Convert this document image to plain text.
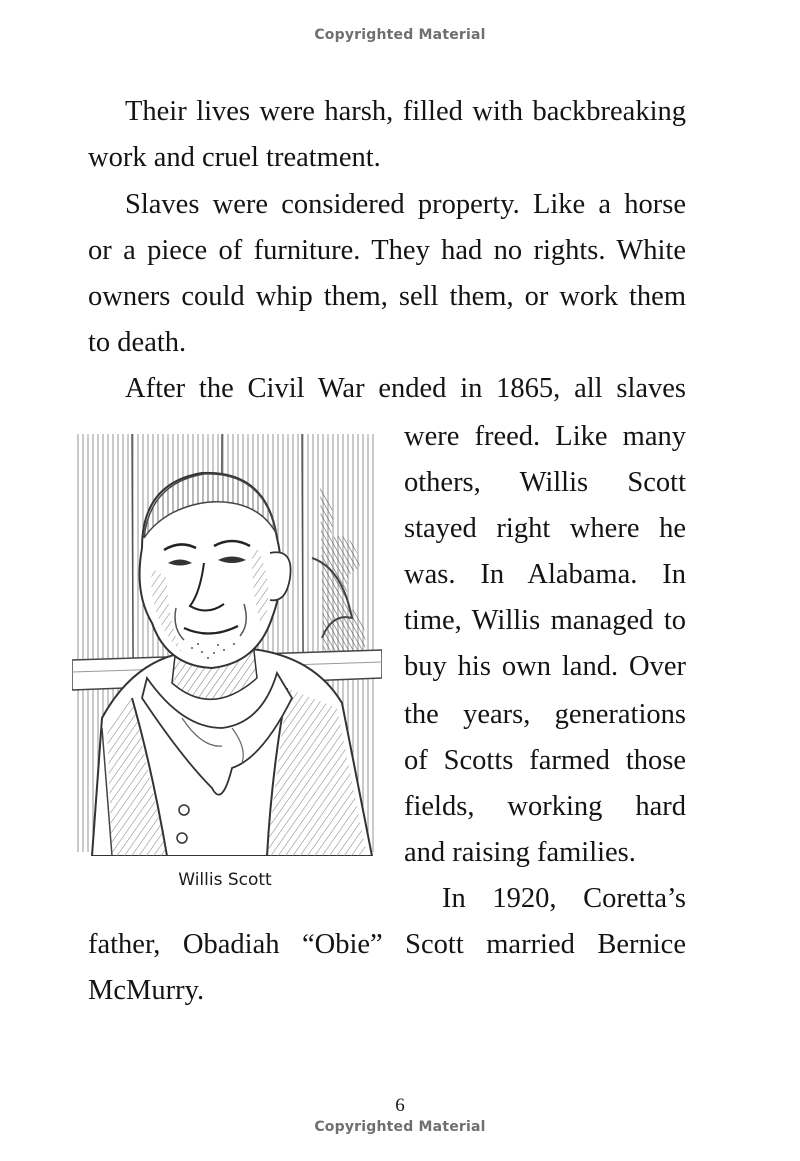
Copyrighted Material
Their lives were harsh, filled with backbreaking
work and cruel treatment.
Slaves were considered property. Like a horse
or a piece of furniture. They had no rights. White
owners could whip them, sell them, or work them
to death.
After the Civil War ended in 1865, all slaves
were freed. Like many
others, Willis Scott
stayed right where he
was. In Alabama. In
time, Willis managed to
buy his own land. Over
the years, generations
of Scotts farmed those
fields, working hard
and raising families.
In 1920, Coretta’s
father, Obadiah “Obie” Scott married Bernice
McMurry.
Willis Scott
6
Copyrighted Material
